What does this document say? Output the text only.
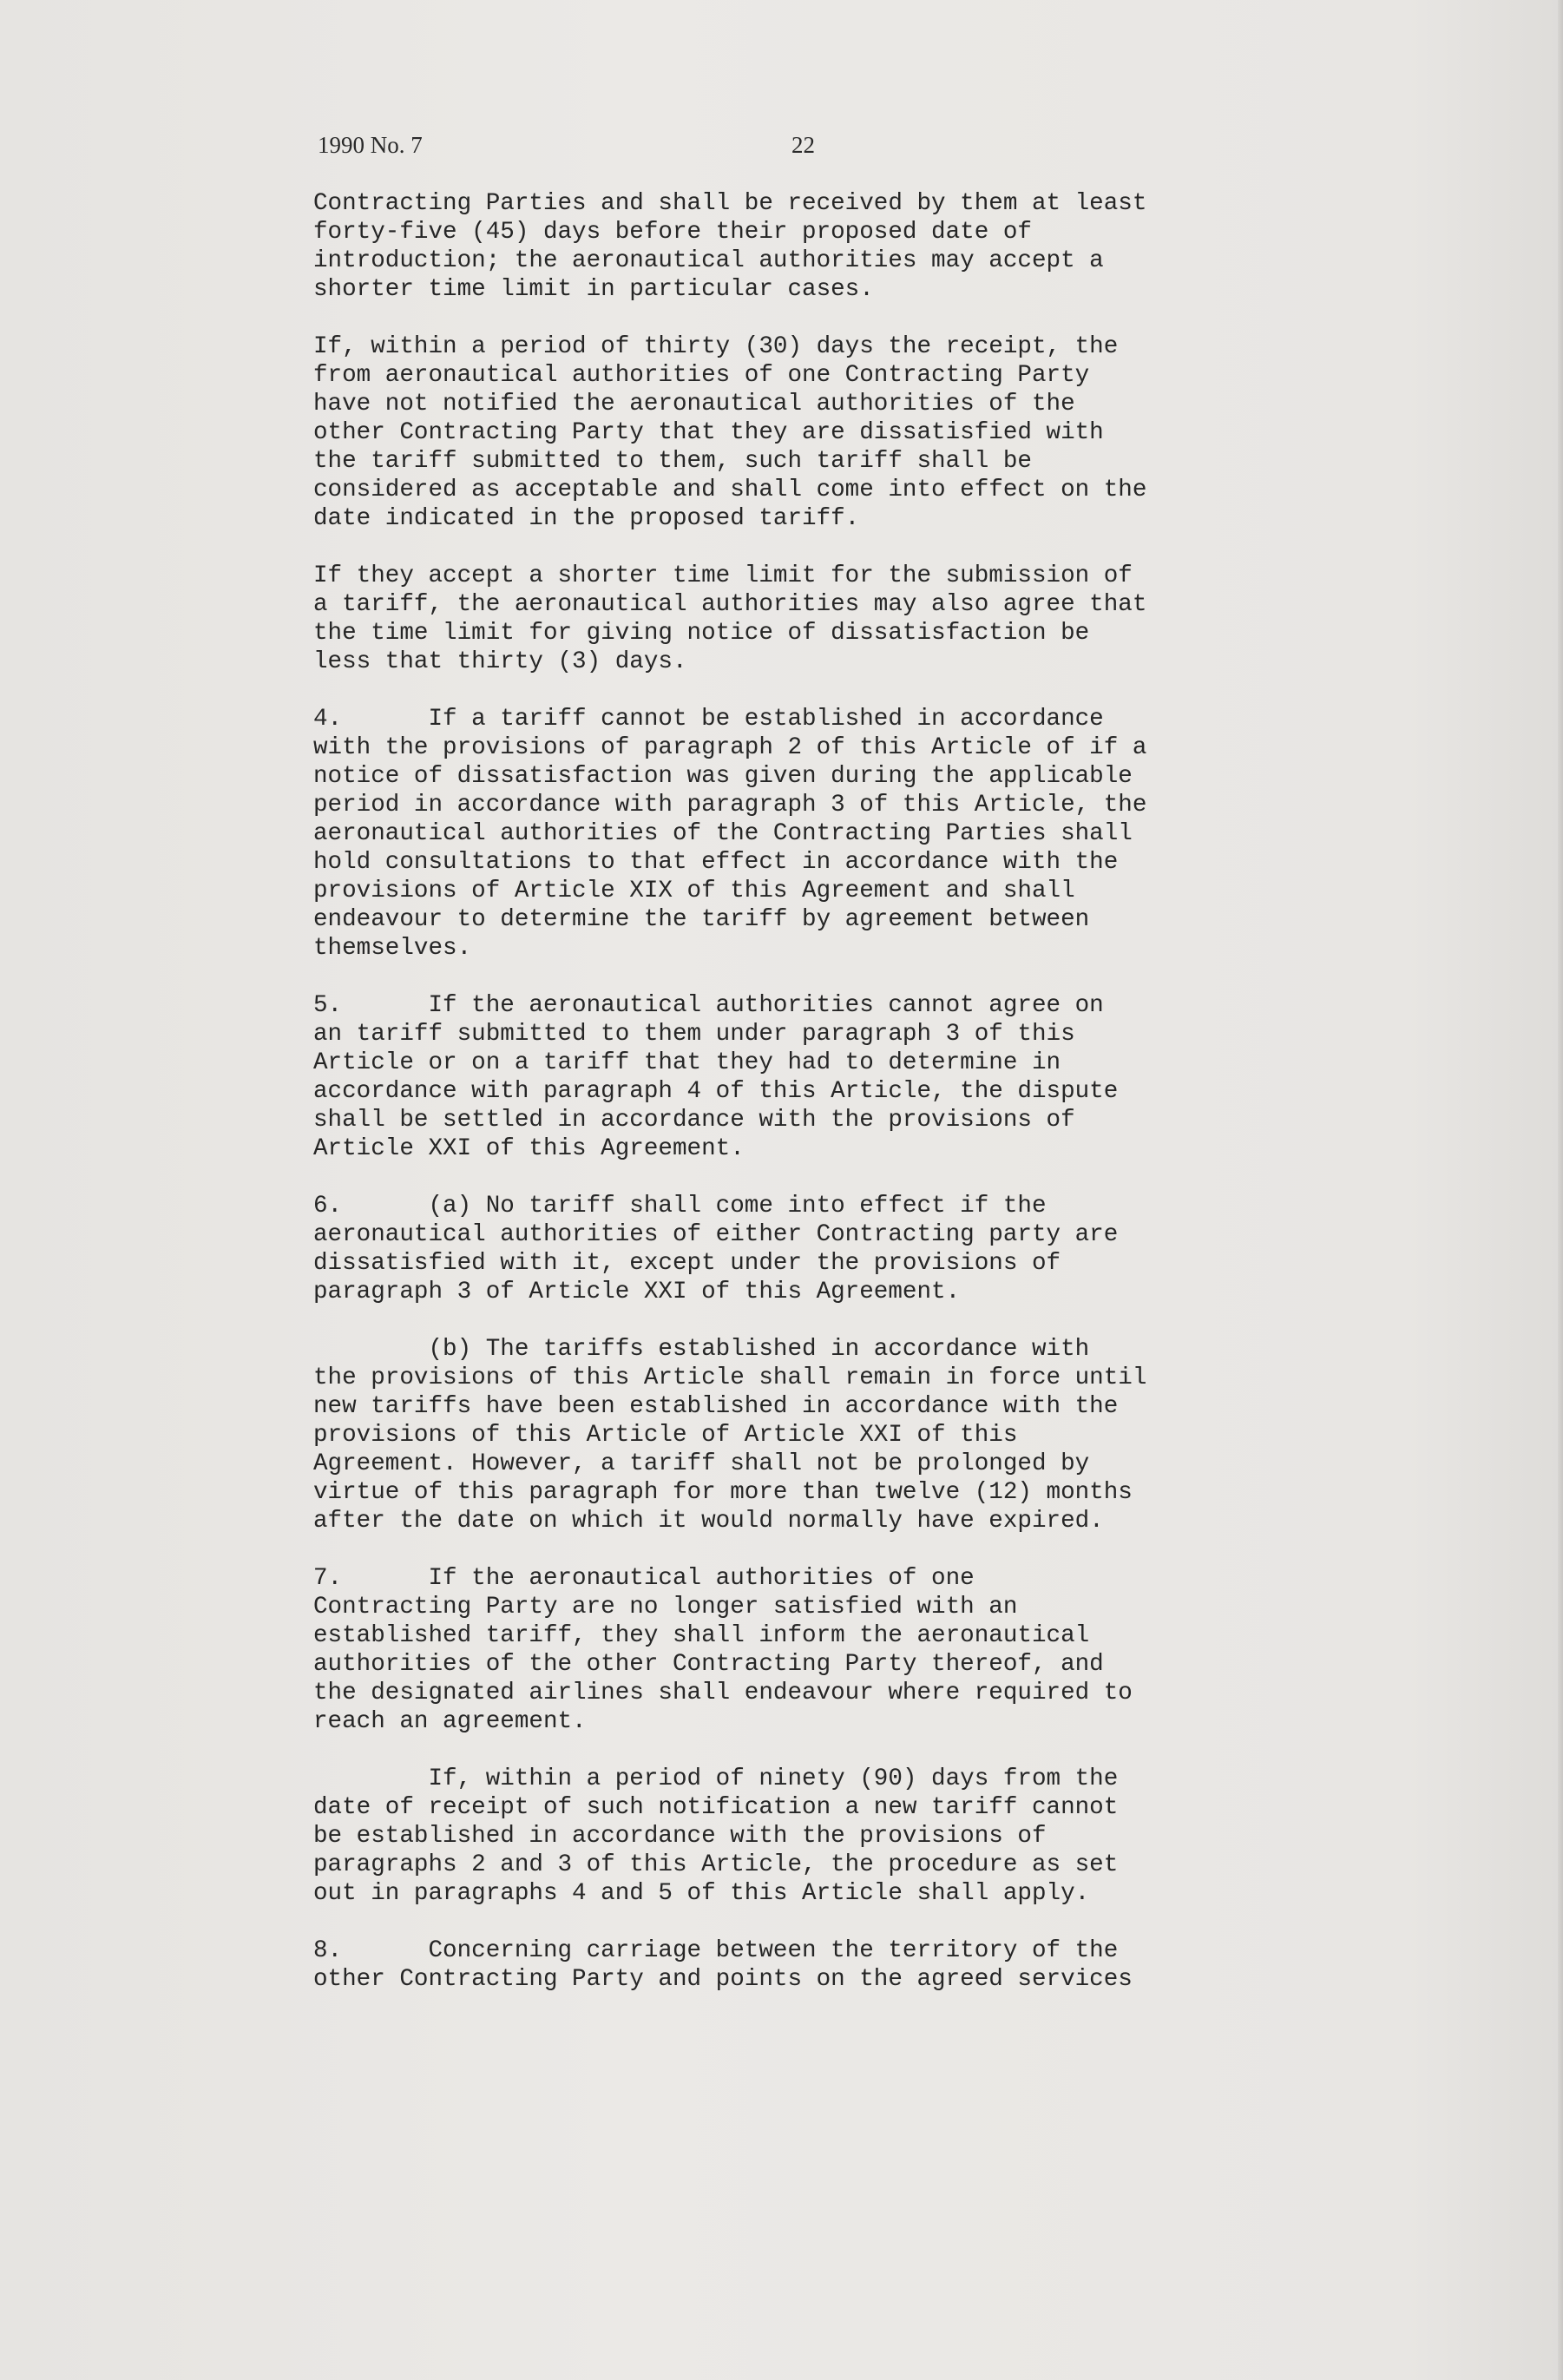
1990 No. 7	22

Contracting Parties and shall be received by them at least
forty-five (45) days before their proposed date of
introduction; the aeronautical authorities may accept a
shorter time limit in particular cases.

If, within a period of thirty (30) days the receipt, the
from aeronautical authorities of one Contracting Party
have not notified the aeronautical authorities of the
other Contracting Party that they are dissatisfied with
the tariff submitted to them, such tariff shall be
considered as acceptable and shall come into effect on the
date indicated in the proposed tariff.

If they accept a shorter time limit for the submission of
a tariff, the aeronautical authorities may also agree that
the time limit for giving notice of dissatisfaction be
less that thirty (3) days.

4.      If a tariff cannot be established in accordance
with the provisions of paragraph 2 of this Article of if a
notice of dissatisfaction was given during the applicable
period in accordance with paragraph 3 of this Article, the
aeronautical authorities of the Contracting Parties shall
hold consultations to that effect in accordance with the
provisions of Article XIX of this Agreement and shall
endeavour to determine the tariff by agreement between
themselves.

5.      If the aeronautical authorities cannot agree on
an tariff submitted to them under paragraph 3 of this
Article or on a tariff that they had to determine in
accordance with paragraph 4 of this Article, the dispute
shall be settled in accordance with the provisions of
Article XXI of this Agreement.

6.      (a) No tariff shall come into effect if the
aeronautical authorities of either Contracting party are
dissatisfied with it, except under the provisions of
paragraph 3 of Article XXI of this Agreement.

(b) The tariffs established in accordance with
the provisions of this Article shall remain in force until
new tariffs have been established in accordance with the
provisions of this Article of Article XXI of this
Agreement. However, a tariff shall not be prolonged by
virtue of this paragraph for more than twelve (12) months
after the date on which it would normally have expired.

7.      If the aeronautical authorities of one
Contracting Party are no longer satisfied with an
established tariff, they shall inform the aeronautical
authorities of the other Contracting Party thereof, and
the designated airlines shall endeavour where required to
reach an agreement.

If, within a period of ninety (90) days from the
date of receipt of such notification a new tariff cannot
be established in accordance with the provisions of
paragraphs 2 and 3 of this Article, the procedure as set
out in paragraphs 4 and 5 of this Article shall apply.

8.      Concerning carriage between the territory of the
other Contracting Party and points on the agreed services
